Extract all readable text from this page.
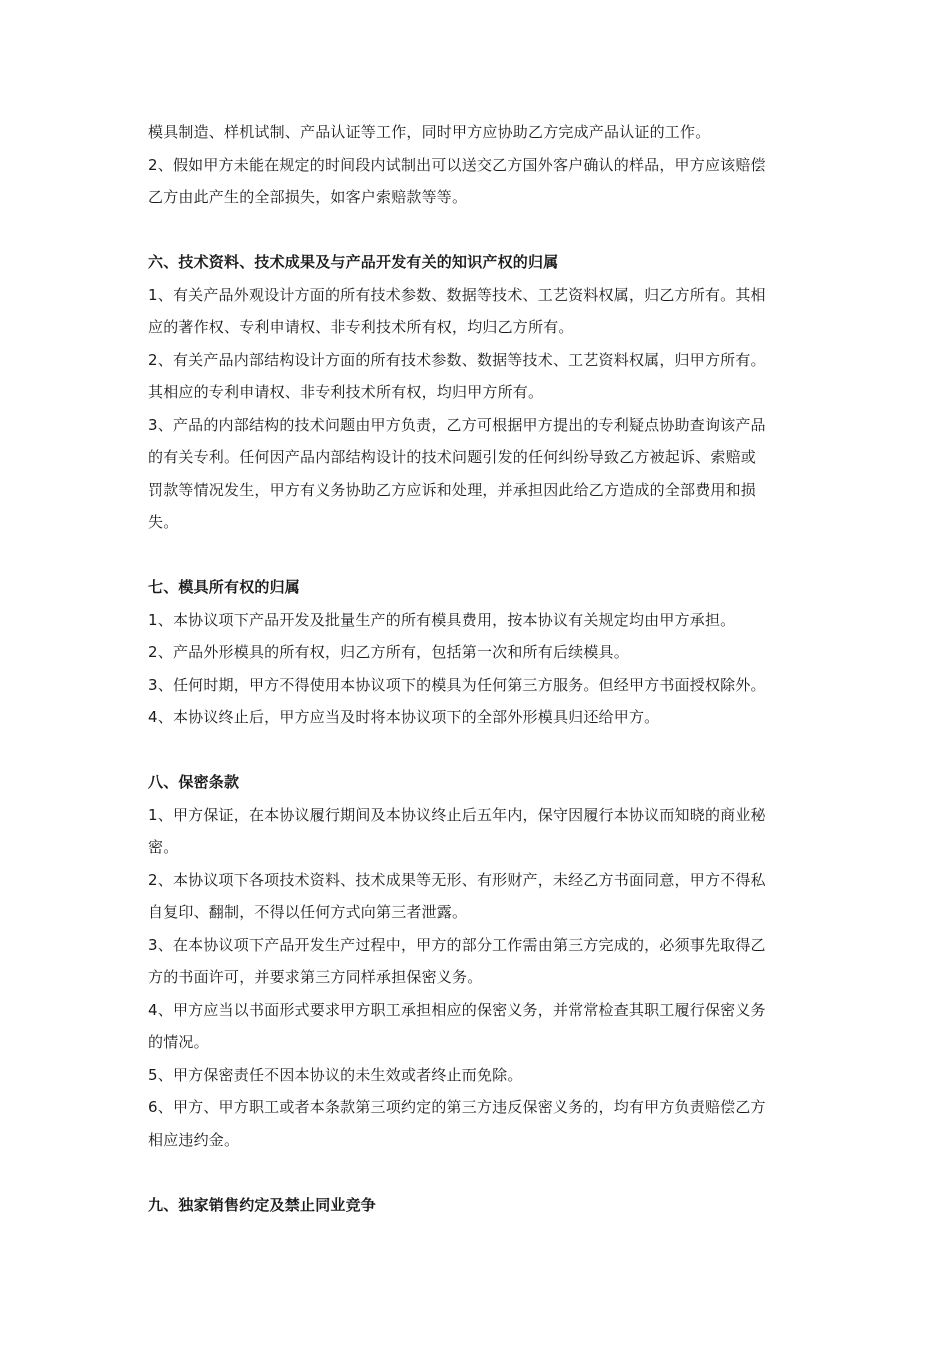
模具制造、样机试制、产品认证等工作，同时甲方应协助乙方完成产品认证的工作。

2、假如甲方未能在规定的时间段内试制出可以送交乙方国外客户确认的样品，甲方应该赔偿

乙方由此产生的全部损失，如客户索赔款等等。

六、技术资料、技术成果及与产品开发有关的知识产权的归属

1、有关产品外观设计方面的所有技术参数、数据等技术、工艺资料权属，归乙方所有。其相

应的著作权、专利申请权、非专利技术所有权，均归乙方所有。

2、有关产品内部结构设计方面的所有技术参数、数据等技术、工艺资料权属，归甲方所有。

其相应的专利申请权、非专利技术所有权，均归甲方所有。

3、产品的内部结构的技术问题由甲方负责，乙方可根据甲方提出的专利疑点协助查询该产品

的有关专利。任何因产品内部结构设计的技术问题引发的任何纠纷导致乙方被起诉、索赔或

罚款等情况发生，甲方有义务协助乙方应诉和处理，并承担因此给乙方造成的全部费用和损

失。

七、模具所有权的归属

1、本协议项下产品开发及批量生产的所有模具费用，按本协议有关规定均由甲方承担。

2、产品外形模具的所有权，归乙方所有，包括第一次和所有后续模具。

3、任何时期，甲方不得使用本协议项下的模具为任何第三方服务。但经甲方书面授权除外。

4、本协议终止后，甲方应当及时将本协议项下的全部外形模具归还给甲方。

八、保密条款

1、甲方保证，在本协议履行期间及本协议终止后五年内，保守因履行本协议而知晓的商业秘

密。

2、本协议项下各项技术资料、技术成果等无形、有形财产，未经乙方书面同意，甲方不得私

自复印、翻制，不得以任何方式向第三者泄露。

3、在本协议项下产品开发生产过程中，甲方的部分工作需由第三方完成的，必须事先取得乙

方的书面许可，并要求第三方同样承担保密义务。

4、甲方应当以书面形式要求甲方职工承担相应的保密义务，并常常检查其职工履行保密义务

的情况。

5、甲方保密责任不因本协议的未生效或者终止而免除。

6、甲方、甲方职工或者本条款第三项约定的第三方违反保密义务的，均有甲方负责赔偿乙方

相应违约金。

九、独家销售约定及禁止同业竞争
